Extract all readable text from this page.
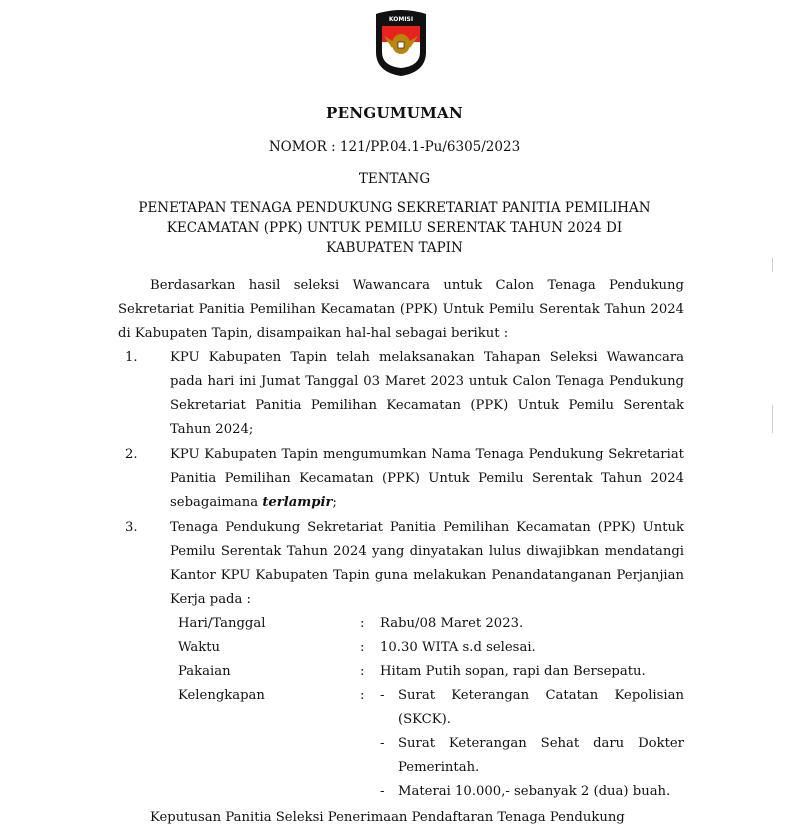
KOMISI
PENGUMUMAN
NOMOR : 121/PP.04.1-Pu/6305/2023
TENTANG
PENETAPAN TENAGA PENDUKUNG SEKRETARIAT PANITIA PEMILIHAN
KECAMATAN (PPK) UNTUK PEMILU SERENTAK TAHUN 2024 DI
KABUPATEN TAPIN

Berdasarkan hasil seleksi Wawancara untuk Calon Tenaga Pendukung Sekretariat Panitia Pemilihan Kecamatan (PPK) Untuk Pemilu Serentak Tahun 2024 di Kabupaten Tapin, disampaikan hal-hal sebagai berikut :

1. KPU Kabupaten Tapin telah melaksanakan Tahapan Seleksi Wawancara pada hari ini Jumat Tanggal 03 Maret 2023 untuk Calon Tenaga Pendukung Sekretariat Panitia Pemilihan Kecamatan (PPK) Untuk Pemilu Serentak Tahun 2024;
2. KPU Kabupaten Tapin mengumumkan Nama Tenaga Pendukung Sekretariat Panitia Pemilihan Kecamatan (PPK) Untuk Pemilu Serentak Tahun 2024 sebagaimana terlampir;
3. Tenaga Pendukung Sekretariat Panitia Pemilihan Kecamatan (PPK) Untuk Pemilu Serentak Tahun 2024 yang dinyatakan lulus diwajibkan mendatangi Kantor KPU Kabupaten Tapin guna melakukan Penandatanganan Perjanjian Kerja pada :
Hari/Tanggal	:	Rabu/08 Maret 2023.
Waktu	:	10.30 WITA s.d selesai.
Pakaian	:	Hitam Putih sopan, rapi dan Bersepatu.
Kelengkapan	:	-	Surat Keterangan Catatan Kepolisian (SKCK).
-	Surat Keterangan Sehat daru Dokter Pemerintah.
-	Materai 10.000,- sebanyak 2 (dua) buah.

Keputusan Panitia Seleksi Penerimaan Pendaftaran Tenaga Pendukung
